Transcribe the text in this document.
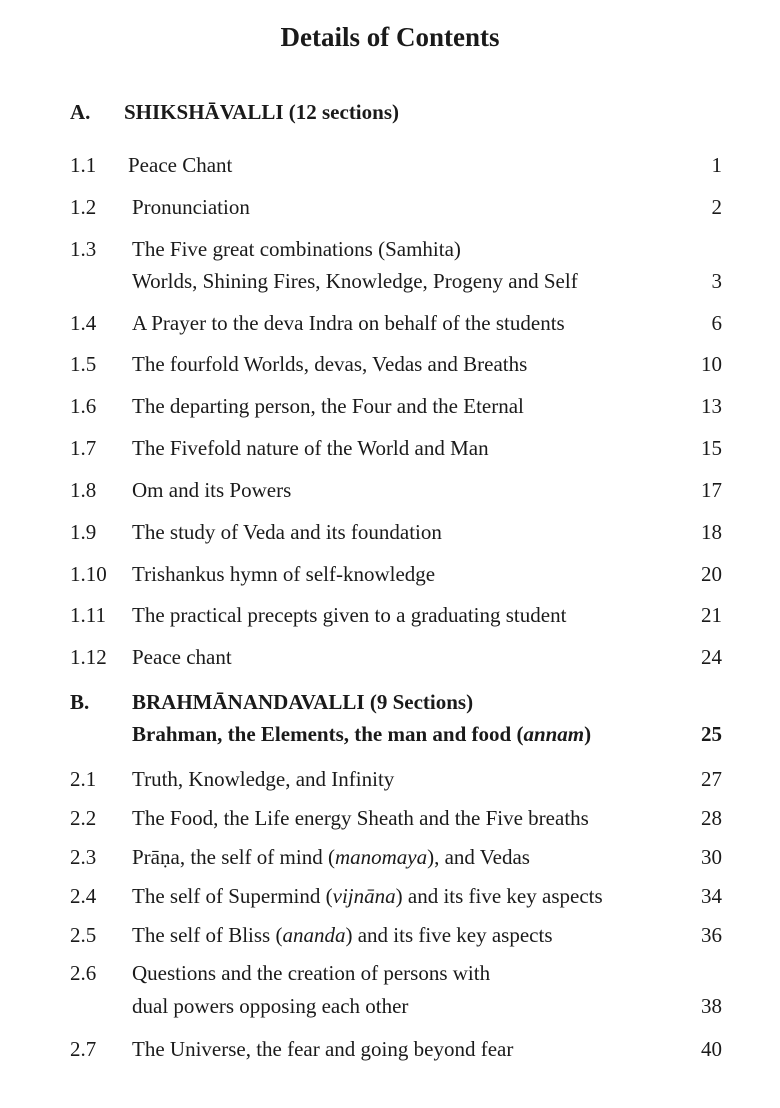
Details of Contents
A. SHIKSHĀVALLI (12 sections)
1.1 Peace Chant	1
1.2 Pronunciation	2
1.3 The Five great combinations (Samhita)
Worlds, Shining Fires, Knowledge, Progeny and Self	3
1.4 A Prayer to the deva Indra on behalf of the students	6
1.5 The fourfold Worlds, devas, Vedas and Breaths	10
1.6 The departing person, the Four and the Eternal	13
1.7 The Fivefold nature of the World and Man	15
1.8 Om and its Powers	17
1.9 The study of Veda and its foundation	18
1.10 Trishankus hymn of self-knowledge	20
1.11 The practical precepts given to a graduating student	21
1.12 Peace chant	24
B. BRAHMĀNANDAVALLI (9 Sections)
Brahman, the Elements, the man and food (annam)	25
2.1 Truth, Knowledge, and Infinity	27
2.2 The Food, the Life energy Sheath and the Five breaths	28
2.3 Prāṇa, the self of mind (manomaya), and Vedas	30
2.4 The self of Supermind (vijnāna) and its five key aspects	34
2.5 The self of Bliss (ananda) and its five key aspects	36
2.6 Questions and the creation of persons with
dual powers opposing each other	38
2.7 The Universe, the fear and going beyond fear	40
